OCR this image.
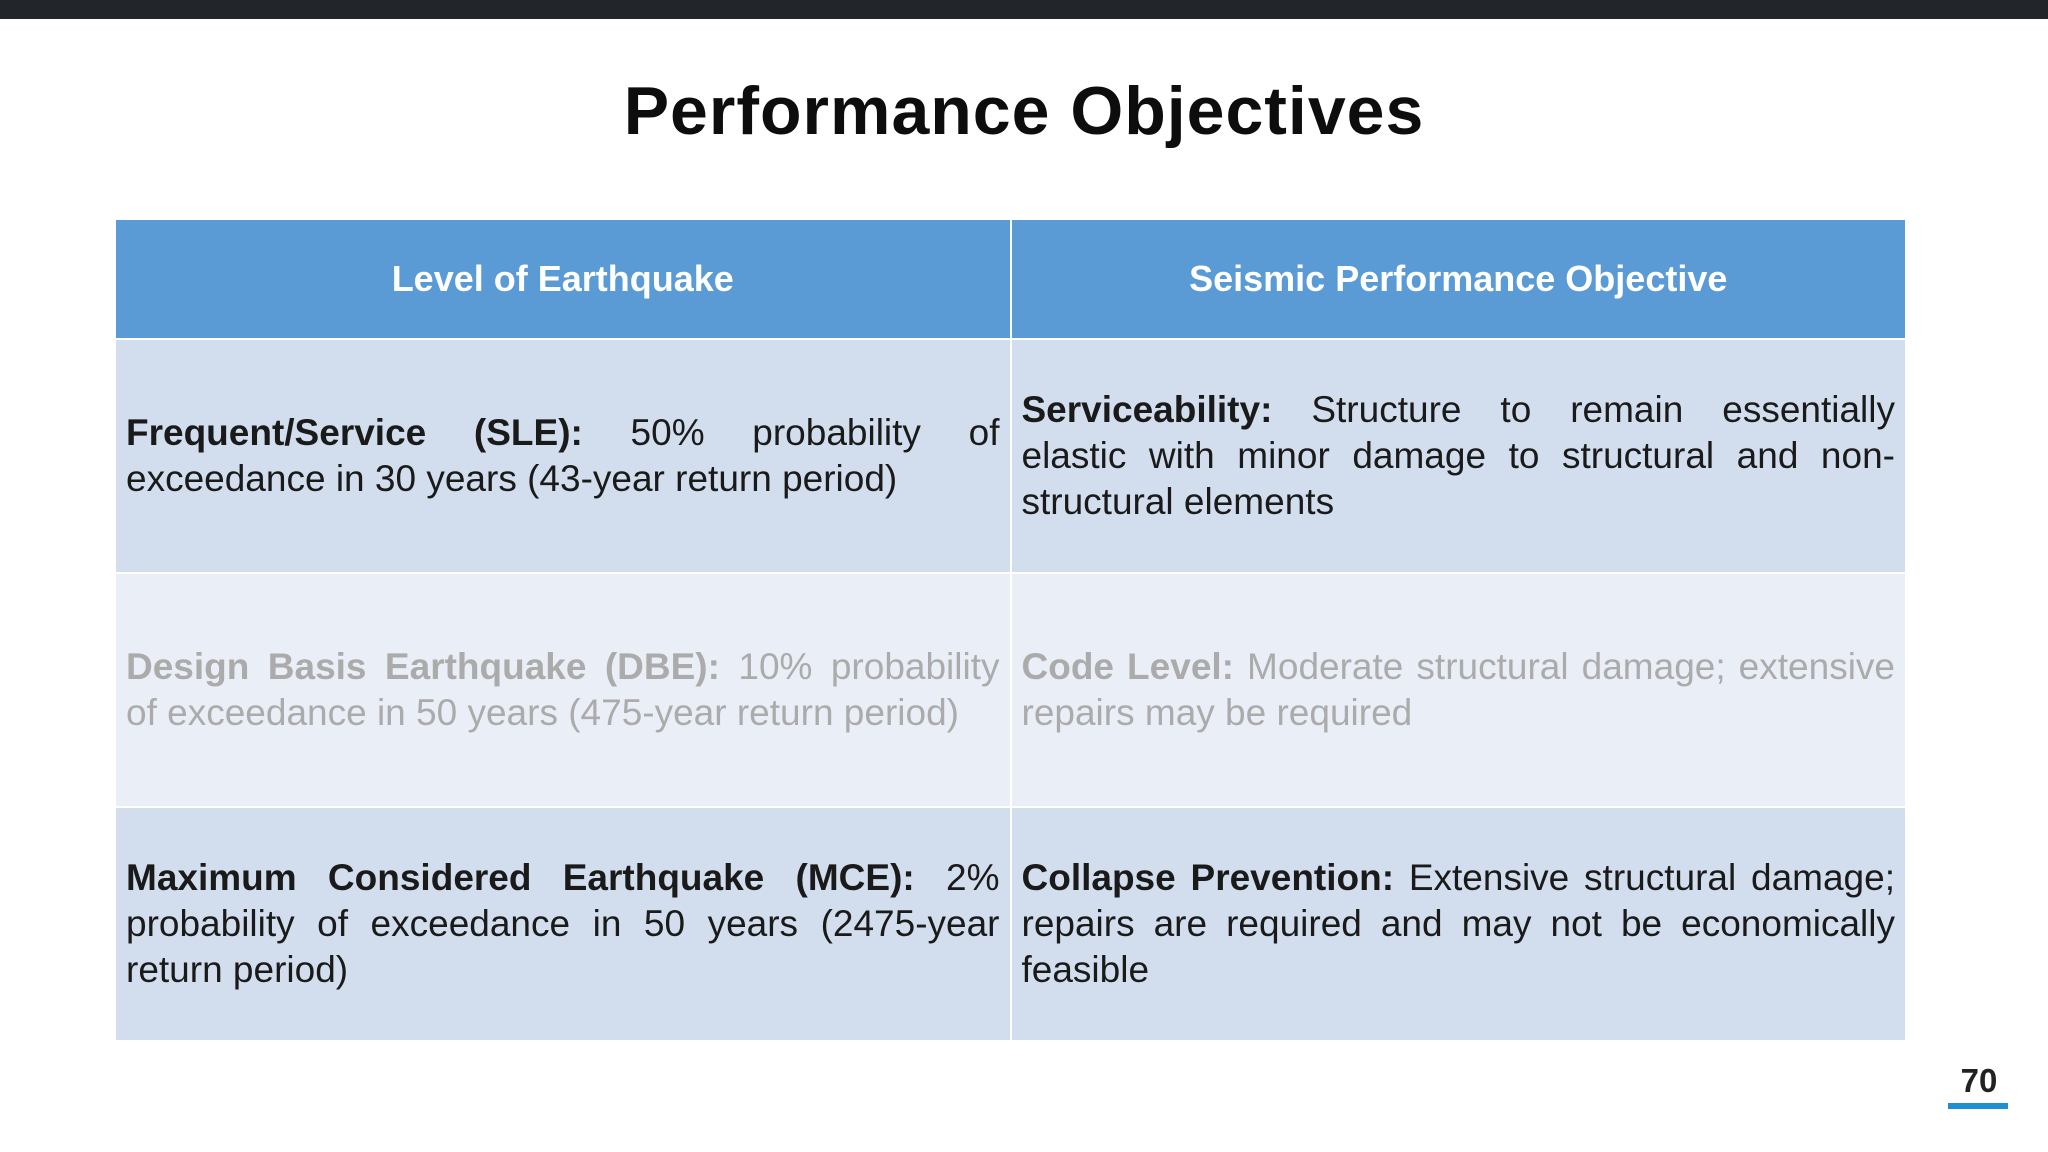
Performance Objectives
Level of Earthquake	Seismic Performance Objective
Frequent/Service (SLE): 50% probability of exceedance in 30 years (43-year return period)	Serviceability: Structure to remain essentially elastic with minor damage to structural and non-structural elements
Design Basis Earthquake (DBE): 10% probability of exceedance in 50 years (475-year return period)	Code Level: Moderate structural damage; extensive repairs may be required
Maximum Considered Earthquake (MCE): 2% probability of exceedance in 50 years (2475-year return period)	Collapse Prevention: Extensive structural damage; repairs are required and may not be economically feasible
70
